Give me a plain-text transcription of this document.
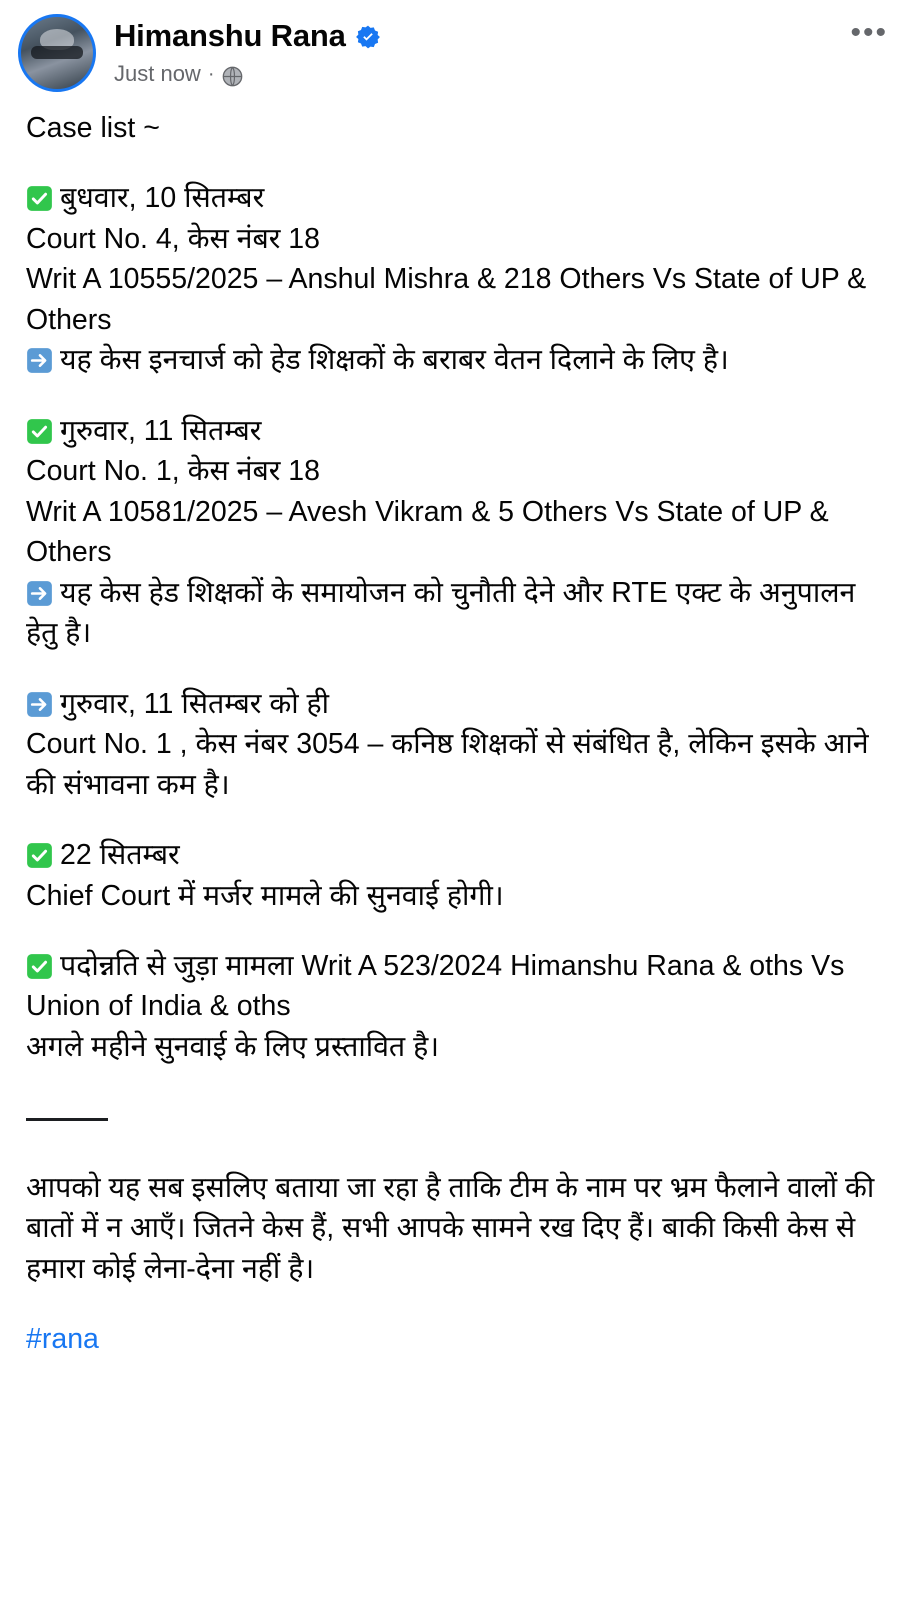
Himanshu Rana
Just now ·
•••
Case list ~
बुधवार, 10 सितम्बर
Court No. 4, केस नंबर 18
Writ A 10555/2025 – Anshul Mishra & 218 Others Vs State of UP & Others
यह केस इनचार्ज को हेड शिक्षकों के बराबर वेतन दिलाने के लिए है।
गुरुवार, 11 सितम्बर
Court No. 1, केस नंबर 18
Writ A 10581/2025 – Avesh Vikram & 5 Others Vs State of UP & Others
यह केस हेड शिक्षकों के समायोजन को चुनौती देने और RTE एक्ट के अनुपालन हेतु है।
गुरुवार, 11 सितम्बर को ही
Court No. 1 , केस नंबर 3054 – कनिष्ठ शिक्षकों से संबंधित है, लेकिन इसके आने की संभावना कम है।
22 सितम्बर
Chief Court में मर्जर मामले की सुनवाई होगी।
पदोन्नति से जुड़ा मामला Writ A 523/2024 Himanshu Rana & oths Vs Union of India & oths
अगले महीने सुनवाई के लिए प्रस्तावित है।
आपको यह सब इसलिए बताया जा रहा है ताकि टीम के नाम पर भ्रम फैलाने वालों की बातों में न आएँ। जितने केस हैं, सभी आपके सामने रख दिए हैं। बाकी किसी केस से हमारा कोई लेना-देना नहीं है।
#rana
